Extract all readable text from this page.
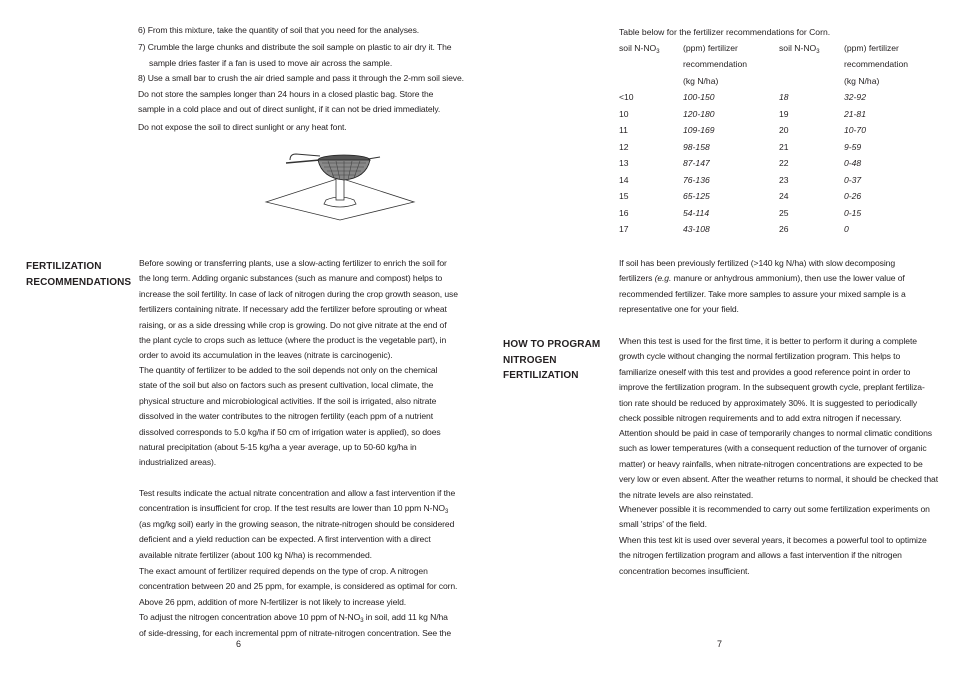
6) From this mixture, take the quantity of soil that you need for the analyses.
7) Crumble the large chunks and distribute the soil sample on plastic to air dry it. The
sample dries faster if a fan is used to move air across the sample.
8) Use a small bar to crush the air dried sample and pass it through the 2-mm soil sieve.
Do not store the samples longer than 24 hours in a closed plastic bag. Store the
sample in a cold place and out of direct sunlight, if it can not be dried immediately.
Do not expose the soil to direct sunlight or any heat font.
FERTILIZATION
RECOMMENDATIONS
Before sowing or transferring plants, use a slow-acting fertilizer to enrich the soil for
the long term. Adding organic substances (such as manure and compost) helps to
increase the soil fertility. In case of lack of nitrogen during the crop growth season, use
fertilizers containing nitrate. If necessary add the fertilizer before sprouting or wheat
raising, or as a side dressing while crop is growing. Do not give nitrate at the end of
the plant cycle to crops such as lettuce (where the product is the vegetable part), in
order to avoid its accumulation in the leaves (nitrate is carcinogenic).
The quantity of fertilizer to be added to the soil depends not only on the chemical
state of the soil but also on factors such as present cultivation, local climate, the
physical structure and microbiological activities. If the soil is irrigated, also nitrate
dissolved in the water contributes to the nitrogen fertility (each ppm of a nutrient
dissolved corresponds to 5.0 kg/ha if 50 cm of irrigation water is applied), so does
natural precipitation (about 5-15 kg/ha a year average, up to 50-60 kg/ha in
industrialized areas).
Test results indicate the actual nitrate concentration and allow a fast intervention if the
concentration is insufficient for crop. If the test results are lower than 10 ppm $N-NO_3$
(as mg/kg soil) early in the growing season, the nitrate-nitrogen should be considered
deficient and a yield reduction can be expected. A first intervention with a direct
available nitrate fertilizer (about 100 kg N/ha) is recommended.
The exact amount of fertilizer required depends on the type of crop. A nitrogen
concentration between 20 and 25 ppm, for example, is considered as optimal for corn.
Above 26 ppm, addition of more N-fertilizer is not likely to increase yield.
To adjust the nitrogen concentration above 10 ppm of $N-NO_3$ in soil, add 11 kg N/ha
of side-dressing, for each incremental ppm of nitrate-nitrogen concentration. See the
6
Table below for the fertilizer recommendations for Corn.
soil $N-NO_3$	(ppm) fertilizer
recommendation
(kg N/ha)
soil $N-NO_3$	(ppm) fertilizer
recommendation
(kg N/ha)
<10	100-150	18	32-92
10	120-180	19	21-81
11	109-169	20	10-70
12	98-158	21	9-59
13	87-147	22	0-48
14	76-136	23	0-37
15	65-125	24	0-26
16	54-114	25	0-15
17	43-108	26	0
If soil has been previously fertilized (>140 kg N/ha) with slow decomposing
fertilizers (e.g. manure or anhydrous ammonium), then use the lower value of
recommended fertilizer. Take more samples to assure your mixed sample is a
representative one for your field.
HOW TO PROGRAM
NITROGEN
FERTILIZATION
When this test is used for the first time, it is better to perform it during a complete
growth cycle without changing the normal fertilization program. This helps to
familiarize oneself with this test and provides a good reference point in order to
improve the fertilization program. In the subsequent growth cycle, preplant fertiliza-
tion rate should be reduced by approximately 30%. It is suggested to periodically
check possible nitrogen requirements and to add extra nitrogen if necessary.
Attention should be paid in case of temporarily changes to normal climatic conditions
such as lower temperatures (with a consequent reduction of the turnover of organic
matter) or heavy rainfalls, when nitrate-nitrogen concentrations are expected to be
very low or even absent. After the weather returns to normal, it should be checked that
the nitrate levels are also reinstated.
Whenever possible it is recommended to carry out some fertilization experiments on
small 'strips' of the field.
When this test kit is used over several years, it becomes a powerful tool to optimize
the nitrogen fertilization program and allows a fast intervention if the nitrogen
concentration becomes insufficient.
7
